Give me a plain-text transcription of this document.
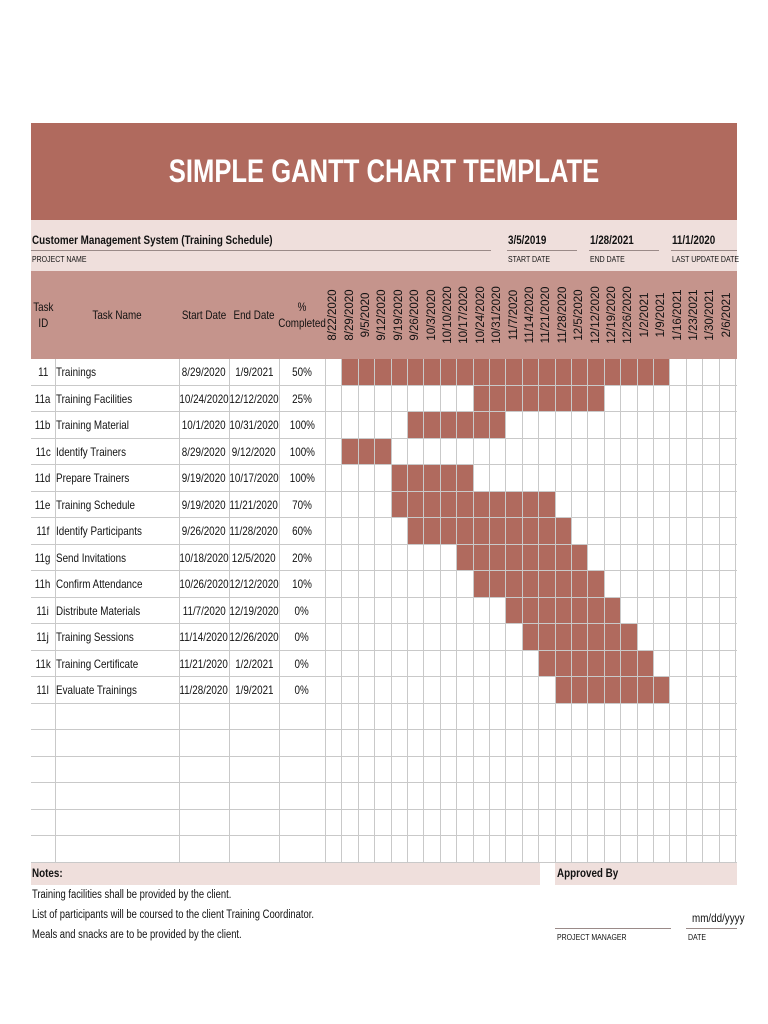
SIMPLE GANTT CHART TEMPLATE
Customer Management System (Training Schedule)
PROJECT NAME
3/5/2019
START DATE
1/28/2021
END DATE
11/1/2020
LAST UPDATE DATE
Task ID
Task Name	Start Date End Date
% Completed 8/22/2020 8/29/2020 9/5/2020 9/12/2020 9/19/2020 9/26/2020 10/3/2020 10/10/2020 10/17/2020 10/24/2020 10/31/2020 11/7/2020 11/14/2020 11/21/2020 11/28/2020 12/5/2020 12/12/2020 12/19/2020 12/26/2020 1/2/2021 1/9/2021 1/16/2021 1/23/2021 1/30/2021 2/6/2021
11 Trainings	8/29/2020 1/9/2021 50%
11a Training Facilities	10/24/2020 12/12/2020 25%
11b Training Material	10/1/2020 10/31/2020 100%
11c Identify Trainers	8/29/2020 9/12/2020 100%
11d Prepare Trainers	9/19/2020 10/17/2020 100%
11e Training Schedule	9/19/2020 11/21/2020 70%
11f Identify Participants	9/26/2020 11/28/2020 60%
11g Send Invitations	10/18/2020 12/5/2020 20%
11h Confirm Attendance	10/26/2020 12/12/2020 10%
11i Distribute Materials	11/7/2020 12/19/2020 0%
11j Training Sessions	11/14/2020 12/26/2020 0%
11k Training Certificate	11/21/2020 1/2/2021 0%
11l Evaluate Trainings	11/28/2020 1/9/2021 0%
Notes:	Approved By
Training facilities shall be provided by the client.
List of participants will be coursed to the client Training Coordinator.
Meals and snacks are to be provided by the client.	PROJECT MANAGER
mm/dd/yyyy
DATE
